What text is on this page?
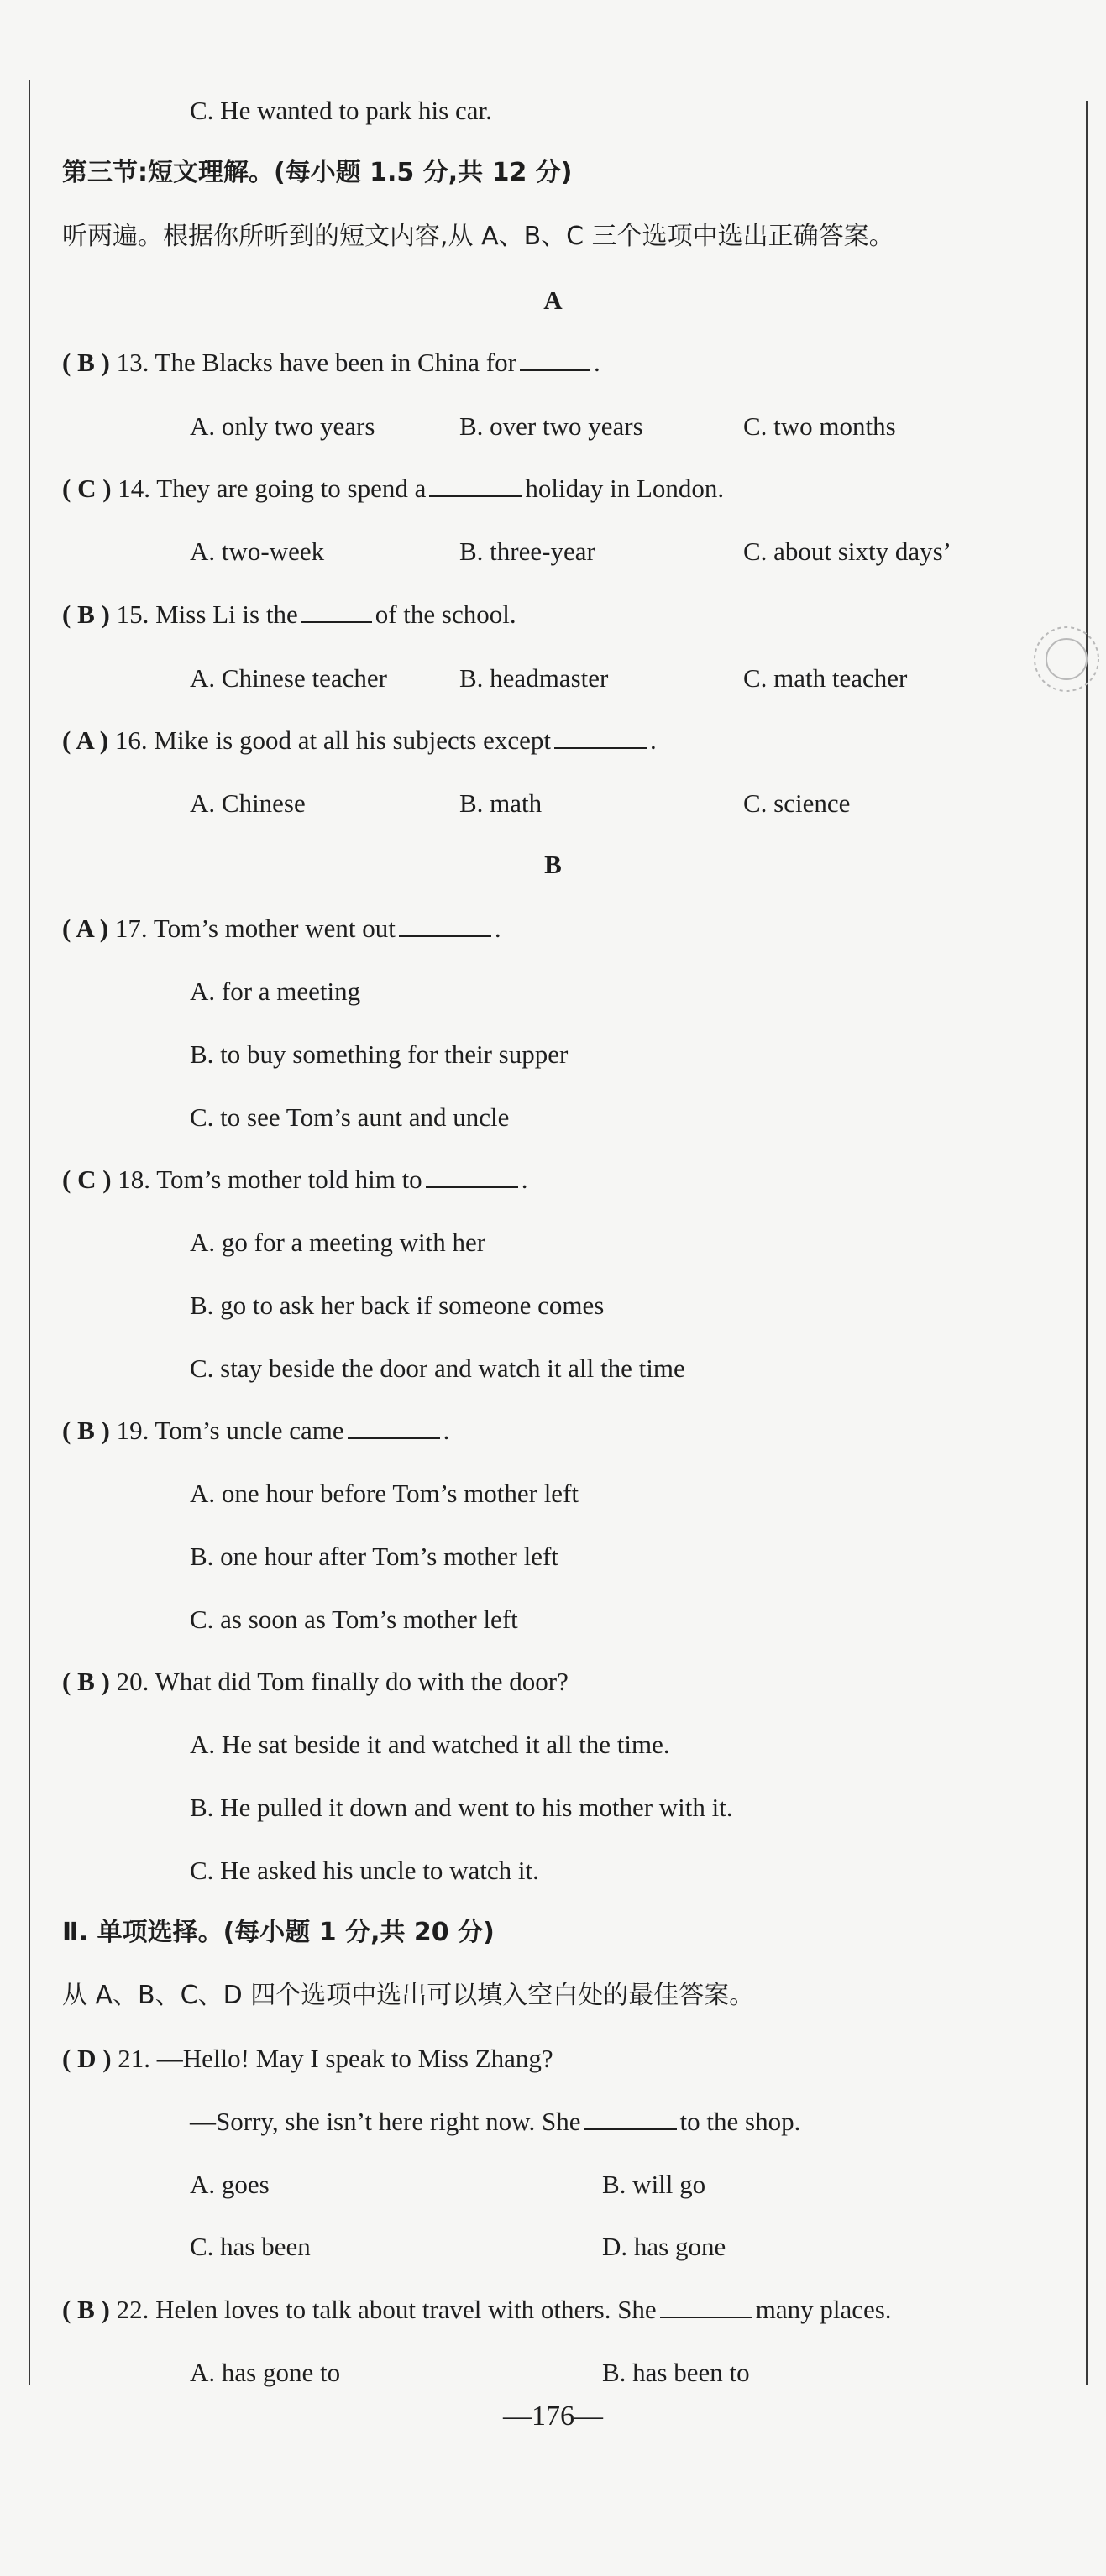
C. He wanted to park his car.
第三节:短文理解。(每小题 1.5 分,共 12 分)
听两遍。根据你所听到的短文内容,从 A、B、C 三个选项中选出正确答案。
A
( B ) 13. The Blacks have been in China for	.
A. only two years	B. over two years	C. two months
( C ) 14. They are going to spend a	holiday in London.
A. two-week	B. three-year	C. about sixty days’
( B ) 15. Miss Li is the	of the school.
A. Chinese teacher	B. headmaster	C. math teacher
( A ) 16. Mike is good at all his subjects except	.
A. Chinese	B. math	C. science
B
( A ) 17. Tom’s mother went out	.
A. for a meeting
B. to buy something for their supper
C. to see Tom’s aunt and uncle
( C ) 18. Tom’s mother told him to	.
A. go for a meeting with her
B. go to ask her back if someone comes
C. stay beside the door and watch it all the time
( B ) 19. Tom’s uncle came	.
A. one hour before Tom’s mother left
B. one hour after Tom’s mother left
C. as soon as Tom’s mother left
( B ) 20. What did Tom finally do with the door?
A. He sat beside it and watched it all the time.
B. He pulled it down and went to his mother with it.
C. He asked his uncle to watch it.
Ⅱ. 单项选择。(每小题 1 分,共 20 分)
从 A、B、C、D 四个选项中选出可以填入空白处的最佳答案。
( D ) 21. —Hello! May I speak to Miss Zhang?
—Sorry, she isn’t here right now. She	to the shop.
A. goes	B. will go
C. has been	D. has gone
( B ) 22. Helen loves to talk about travel with others. She	many places.
A. has gone to	B. has been to
—176—
